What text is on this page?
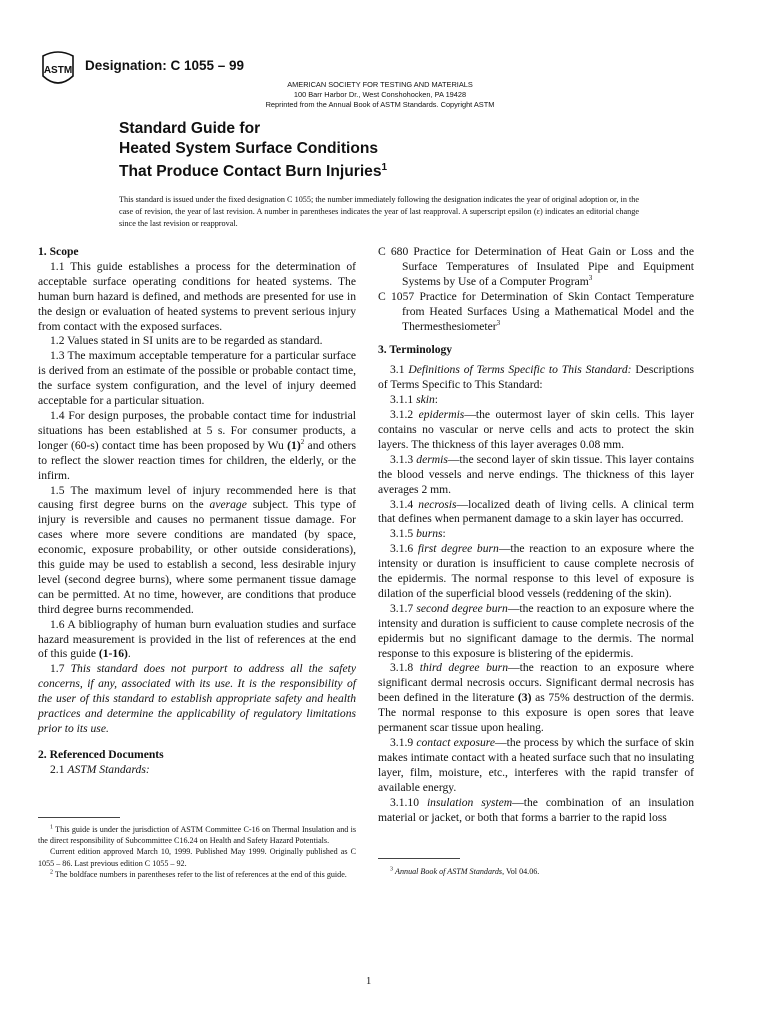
ASTM Designation: C 1055 – 99
AMERICAN SOCIETY FOR TESTING AND MATERIALS
100 Barr Harbor Dr., West Conshohocken, PA 19428
Reprinted from the Annual Book of ASTM Standards. Copyright ASTM
Standard Guide for
Heated System Surface Conditions
That Produce Contact Burn Injuries$^1$
This standard is issued under the fixed designation C 1055; the number immediately following the designation indicates the year of original adoption or, in the case of revision, the year of last revision. A number in parentheses indicates the year of last reapproval. A superscript epsilon (ε) indicates an editorial change since the last revision or reapproval.

1. Scope

1.1 This guide establishes a process for the determination of acceptable surface operating conditions for heated systems. The human burn hazard is defined, and methods are presented for use in the design or evaluation of heated systems to prevent serious injury from contact with the exposed surfaces.

1.2 Values stated in SI units are to be regarded as standard.

1.3 The maximum acceptable temperature for a particular surface is derived from an estimate of the possible or probable contact time, the surface system configuration, and the level of injury deemed acceptable for a particular situation.

1.4 For design purposes, the probable contact time for industrial situations has been established at 5 s. For consumer products, a longer (60-s) contact time has been proposed by Wu $(1)^2$ and others to reflect the slower reaction times for children, the elderly, or the infirm.

1.5 The maximum level of injury recommended here is that causing first degree burns on the average subject. This type of injury is reversible and causes no permanent tissue damage. For cases where more severe conditions are mandated (by space, economic, exposure probability, or other outside considerations), this guide may be used to establish a second, less desirable injury level (second degree burns), where some permanent tissue damage can be permitted. At no time, however, are conditions that produce third degree burns recommended.

1.6 A bibliography of human burn evaluation studies and surface hazard measurement is provided in the list of references at the end of this guide (1-16).

1.7 This standard does not purport to address all the safety concerns, if any, associated with its use. It is the responsibility of the user of this standard to establish appropriate safety and health practices and determine the applicability of regulatory limitations prior to its use.

2. Referenced Documents

2.1 ASTM Standards:

$^1$ This guide is under the jurisdiction of ASTM Committee C-16 on Thermal Insulation and is the direct responsibility of Subcommittee C16.24 on Health and Safety Hazard Potentials.

Current edition approved March 10, 1999. Published May 1999. Originally published as C 1055 – 86. Last previous edition C 1055 – 92.

$^2$ The boldface numbers in parentheses refer to the list of references at the end of this guide.

C 680 Practice for Determination of Heat Gain or Loss and the Surface Temperatures of Insulated Pipe and Equipment Systems by Use of a Computer Program$^3$

C 1057 Practice for Determination of Skin Contact Temperature from Heated Surfaces Using a Mathematical Model and the Thermesthesiometer$^3$

3. Terminology

3.1 Definitions of Terms Specific to This Standard: Descriptions of Terms Specific to This Standard:

3.1.1 skin:

3.1.2 epidermis—the outermost layer of skin cells. This layer contains no vascular or nerve cells and acts to protect the skin layers. The thickness of this layer averages 0.08 mm.

3.1.3 dermis—the second layer of skin tissue. This layer contains the blood vessels and nerve endings. The thickness of this layer averages 2 mm.

3.1.4 necrosis—localized death of living cells. A clinical term that defines when permanent damage to a skin layer has occurred.

3.1.5 burns:

3.1.6 first degree burn—the reaction to an exposure where the intensity or duration is insufficient to cause complete necrosis of the epidermis. The normal response to this level of exposure is dilation of the superficial blood vessels (reddening of the skin).

3.1.7 second degree burn—the reaction to an exposure where the intensity and duration is sufficient to cause complete necrosis of the epidermis but no significant damage to the dermis. The normal response to this exposure is blistering of the epidermis.

3.1.8 third degree burn—the reaction to an exposure where significant dermal necrosis occurs. Significant dermal necrosis has been defined in the literature (3) as 75% destruction of the dermis. The normal response to this exposure is open sores that leave permanent scar tissue upon healing.

3.1.9 contact exposure—the process by which the surface of skin makes intimate contact with a heated surface such that no insulating layer, film, moisture, etc., interferes with the rapid transfer of available energy.

3.1.10 insulation system—the combination of an insulation material or jacket, or both that forms a barrier to the rapid loss

$^3$ Annual Book of ASTM Standards, Vol 04.06.

1
